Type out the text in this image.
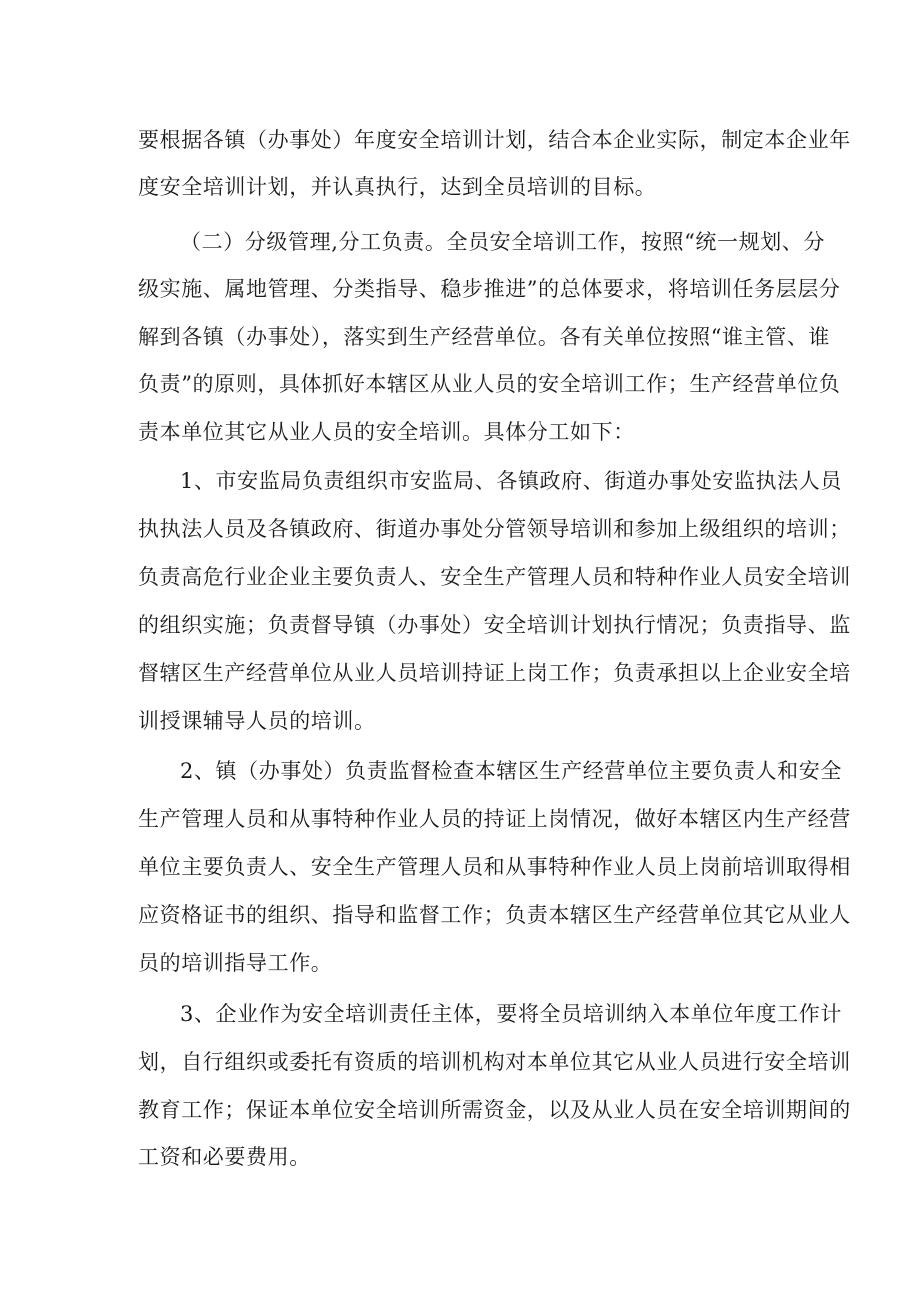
要根据各镇（办事处）年度安全培训计划，结合本企业实际，制定本企业年
度安全培训计划，并认真执行，达到全员培训的目标。
（二）分级管理,分工负责。全员安全培训工作，按照“统一规划、分
级实施、属地管理、分类指导、稳步推进”的总体要求，将培训任务层层分
解到各镇（办事处），落实到生产经营单位。各有关单位按照“谁主管、谁
负责”的原则，具体抓好本辖区从业人员的安全培训工作；生产经营单位负
责本单位其它从业人员的安全培训。具体分工如下：
1、市安监局负责组织市安监局、各镇政府、街道办事处安监执法人员
执执法人员及各镇政府、街道办事处分管领导培训和参加上级组织的培训；
负责高危行业企业主要负责人、安全生产管理人员和特种作业人员安全培训
的组织实施；负责督导镇（办事处）安全培训计划执行情况；负责指导、监
督辖区生产经营单位从业人员培训持证上岗工作；负责承担以上企业安全培
训授课辅导人员的培训。
2、镇（办事处）负责监督检查本辖区生产经营单位主要负责人和安全
生产管理人员和从事特种作业人员的持证上岗情况，做好本辖区内生产经营
单位主要负责人、安全生产管理人员和从事特种作业人员上岗前培训取得相
应资格证书的组织、指导和监督工作；负责本辖区生产经营单位其它从业人
员的培训指导工作。
3、企业作为安全培训责任主体，要将全员培训纳入本单位年度工作计
划，自行组织或委托有资质的培训机构对本单位其它从业人员进行安全培训
教育工作；保证本单位安全培训所需资金，以及从业人员在安全培训期间的
工资和必要费用。
